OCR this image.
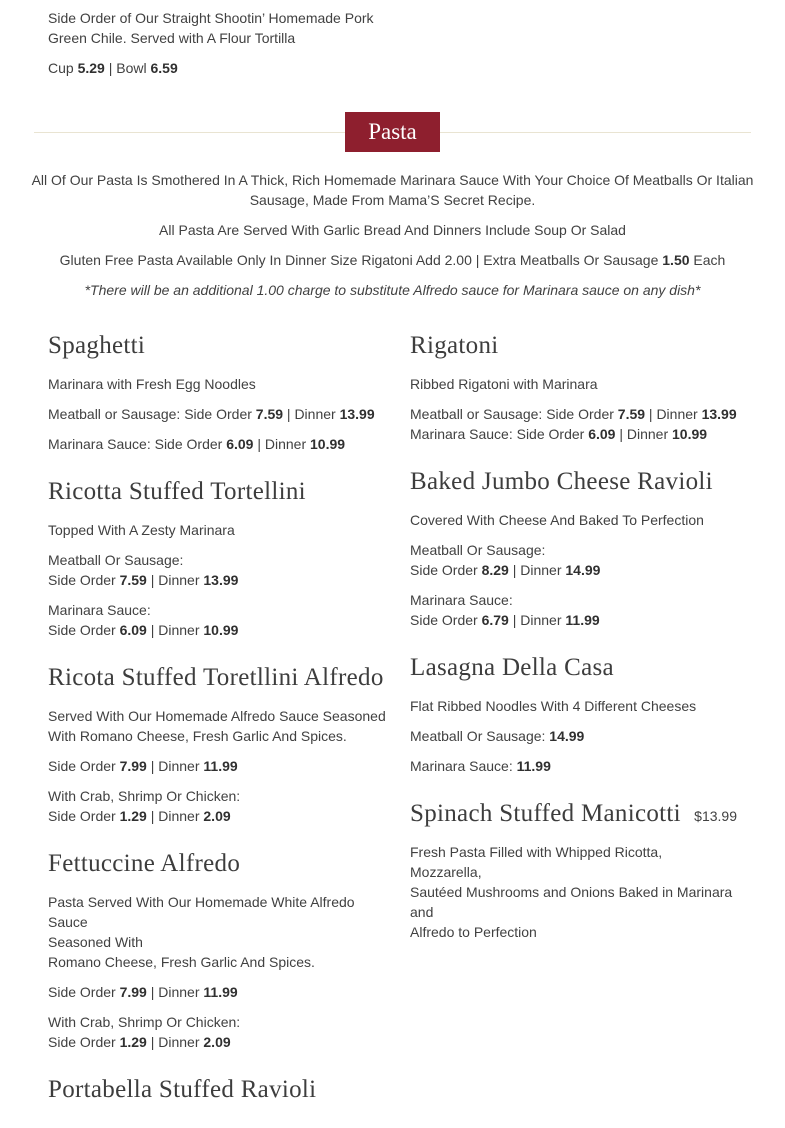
Side Order of Our Straight Shootin’ Homemade Pork
Green Chile. Served with A Flour Tortilla

Cup 5.29 | Bowl 6.59

Pasta

All Of Our Pasta Is Smothered In A Thick, Rich Homemade Marinara Sauce With Your Choice Of Meatballs Or Italian Sausage, Made From Mama’S Secret Recipe.

All Pasta Are Served With Garlic Bread And Dinners Include Soup Or Salad

Gluten Free Pasta Available Only In Dinner Size Rigatoni Add 2.00 | Extra Meatballs Or Sausage 1.50 Each

*There will be an additional 1.00 charge to substitute Alfredo sauce for Marinara sauce on any dish*

Spaghetti

Marinara with Fresh Egg Noodles

Meatball or Sausage: Side Order 7.59 | Dinner 13.99

Marinara Sauce: Side Order 6.09 | Dinner 10.99

Ricotta Stuffed Tortellini

Topped With A Zesty Marinara

Meatball Or Sausage:
Side Order 7.59 | Dinner 13.99

Marinara Sauce:
Side Order 6.09 | Dinner 10.99

Ricota Stuffed Toretllini Alfredo

Served With Our Homemade Alfredo Sauce Seasoned
With Romano Cheese, Fresh Garlic And Spices.

Side Order 7.99 | Dinner 11.99

With Crab, Shrimp Or Chicken:
Side Order 1.29 | Dinner 2.09

Fettuccine Alfredo

Pasta Served With Our Homemade White Alfredo Sauce
Seasoned With
Romano Cheese, Fresh Garlic And Spices.

Side Order 7.99 | Dinner 11.99

With Crab, Shrimp Or Chicken:
Side Order 1.29 | Dinner 2.09

Portabella Stuffed Ravioli
Rigatoni

Ribbed Rigatoni with Marinara

Meatball or Sausage: Side Order 7.59 | Dinner 13.99
Marinara Sauce: Side Order 6.09 | Dinner 10.99

Baked Jumbo Cheese Ravioli

Covered With Cheese And Baked To Perfection

Meatball Or Sausage:
Side Order 8.29 | Dinner 14.99

Marinara Sauce:
Side Order 6.79 | Dinner 11.99

Lasagna Della Casa

Flat Ribbed Noodles With 4 Different Cheeses

Meatball Or Sausage: 14.99

Marinara Sauce: 11.99

Spinach Stuffed Manicotti $13.99

Fresh Pasta Filled with Whipped Ricotta, Mozzarella,
Sautéed Mushrooms and Onions Baked in Marinara and
Alfredo to Perfection
